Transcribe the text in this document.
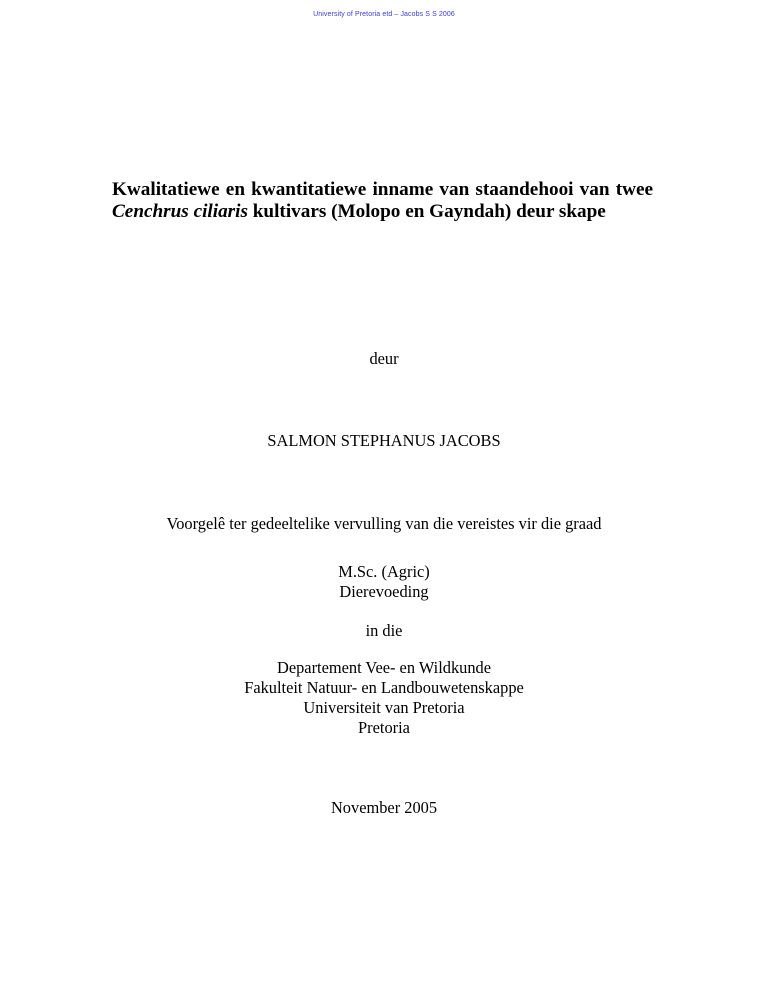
University of Pretoria etd – Jacobs S S 2006
Kwalitatiewe en kwantitatiewe inname van staandehooi van twee Cenchrus ciliaris kultivars (Molopo en Gayndah) deur skape

deur

SALMON STEPHANUS JACOBS

Voorgelê ter gedeeltelike vervulling van die vereistes vir die graad

M.Sc. (Agric)
Dierevoeding

in die

Departement Vee- en Wildkunde
Fakulteit Natuur- en Landbouwetenskappe
Universiteit van Pretoria
Pretoria

November 2005
